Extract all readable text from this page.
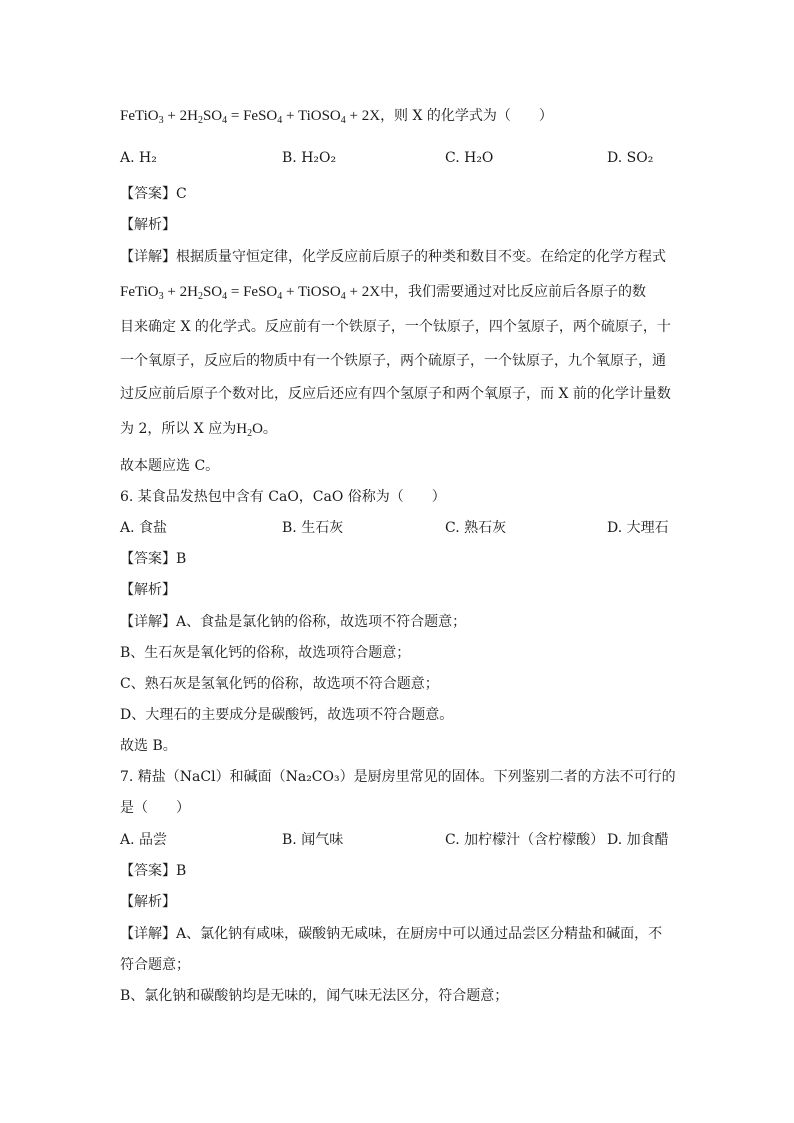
FeTiO$_3$ + $2H_2SO_4$ = FeSO$_4$ + TiOSO$_4$ + 2X，则 X 的化学式为（　　）
A. H₂	B. H₂O₂	C. H₂O	D. SO₂
【答案】C
【解析】
【详解】根据质量守恒定律，化学反应前后原子的种类和数目不变。在给定的化学方程式
FeTiO$_3$ + $2H_2SO_4$ = FeSO$_4$ + TiOSO$_4$ + 2X中，我们需要通过对比反应前后各原子的数
目来确定 X 的化学式。反应前有一个铁原子，一个钛原子，四个氢原子，两个硫原子，十
一个氧原子，反应后的物质中有一个铁原子，两个硫原子，一个钛原子，九个氧原子，通
过反应前后原子个数对比，反应后还应有四个氢原子和两个氧原子，而 X 前的化学计量数
为 2，所以 X 应为$H_2O$。
故本题应选 C。
6. 某食品发热包中含有 CaO，CaO 俗称为（　　）
A. 食盐	B. 生石灰	C. 熟石灰	D. 大理石
【答案】B
【解析】
【详解】A、食盐是氯化钠的俗称，故选项不符合题意；
B、生石灰是氧化钙的俗称，故选项符合题意；
C、熟石灰是氢氧化钙的俗称，故选项不符合题意；
D、大理石的主要成分是碳酸钙，故选项不符合题意。
故选 B。
7. 精盐（NaCl）和碱面（Na₂CO₃）是厨房里常见的固体。下列鉴别二者的方法不可行的
是（　　）
A. 品尝	B. 闻气味	C. 加柠檬汁（含柠檬酸） D. 加食醋
【答案】B
【解析】
【详解】A、氯化钠有咸味，碳酸钠无咸味，在厨房中可以通过品尝区分精盐和碱面，不
符合题意；
B、氯化钠和碳酸钠均是无味的，闻气味无法区分，符合题意；
